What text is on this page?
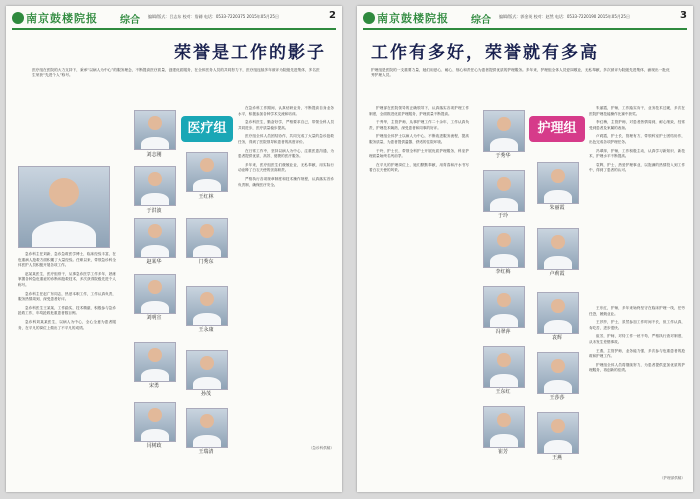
南京鼓楼院报 综合 编辑/版式：吕志东 校对：詹碲 电话：0533-7220375 2015年05月25日	2
荣誉是工作的影子
医疗组在医院的大力支持下，秉承“以病人为中心”的服务理念，不断提高医疗质量，创建优质服务，在全体医务人员的共同努力下，医疗组连续多年被评为院级先进集体，多名医生荣获“先进个人”称号。

急诊科主任刘新，急诊急救医学博士，临床经验丰富，在危重病人抢救方面积累了大量经验。任职以来，带领急诊科全体医护人员积极开展各项工作。

赵某某医生，医疗组骨干，从事急诊医学工作多年，熟练掌握各种急危重症的诊断和抢救技术，多次获得院级先进个人称号。

急诊科主任赵广东同志，热爱本职工作，工作认真负责，服务热情周到，深受患者好评。

急诊科医生王某某，工作踏实，技术精湛，积极参与急诊抢救工作，年均抢救危重患者数百例。

急诊科刘某某医生，以病人为中心，全心全意为患者服务，在平凡的岗位上做出了不平凡的成绩。

刘志刚
医疗组
于洪波
王红林
赵某华	门秀东
刘明宣
王永康
宋勇
孙茂
闫树政
王瑞清

在急诊科工作期间，认真钻研业务，不断提高自身业务水平，积极参加各种学术交流和培训。

急诊科医生，勤奋好学，严格要求自己，带领全科人员共同进步，医疗质量稳步提高。

医疗组全体人员团结协作，共同完成了大量的急诊抢救任务，得到了医院领导和患者的高度评价。

在日常工作中，坚持以病人为中心，注重医患沟通，为患者提供优质、高效、便捷的医疗服务。

多年来，医疗组医生们兢兢业业，无私奉献，用实际行动诠释了白衣天使的崇高职责。

严格执行各项规章制度和技术操作规程，认真落实首诊负责制，确保医疗安全。

（急诊科供稿）
南京鼓楼院报 综合 编辑/版式：郭金英 校对：赵然 电话：0533-7220190 2015年05月25日	3
工作有多好，荣誉就有多高
护理组是医院的一支重要力量，她们用爱心、耐心、细心和责任心为患者提供优质的护理服务。多年来，护理组全体人员爱岗敬业，无私奉献，多次被评为院级先进集体，涌现出一批优秀护理人员。

护理部在医院领导的正确领导下，认真落实各项护理工作制度，全面推进优质护理服务，护理质量不断提高。

于秀华，主管护师，从事护理工作二十余年，工作认真负责，护理技术娴熟，深受患者和同事的好评。

护理组全体护士以病人为中心，不断改进服务流程，提高服务质量，为患者提供温馨、舒适的住院环境。

于玲，护士长，带领全科护士开展优质护理服务，科室护理质量始终名列前茅。

在平凡的护理岗位上，她们默默奉献，用青春和汗水书写着白衣天使的风采。

于秀华
护理组
于玲
朱丽霞
李红梅	卢莉霞
冯翠萍
袁辉
王东红
王莎莎
崔芳
王燕

朱丽霞，护师，工作踏实肯干，业务技术过硬，多次在医院护理技能操作比赛中获奖。

李红梅，主管护师，对患者热情周到，耐心细致，经常受到患者及家属的表扬。

卢莉霞，护士长，管理有方，带领科室护士团结协作，出色完成各项护理任务。

冯翠萍，护师，工作积极主动，认真学习新知识、新技术，护理水平不断提高。

袁辉，护士，热爱护理事业，以饱满的热情投入到工作中，得到了患者的认可。

王东红，护师，多年来始终坚守在临床护理一线，任劳任怨，兢兢业业。

王莎莎，护士，虽然参加工作时间不长，但工作认真，肯吃苦，进步很快。

崔芳，护师，对待工作一丝不苟，严格执行查对制度，从未发生差错事故。

王燕，主管护师，业务能力强，多次参与危重患者的抢救和护理工作。

护理组全体人员将继续努力，为患者提供更加优质的护理服务，再创新的佳绩。

（护理部供稿）
